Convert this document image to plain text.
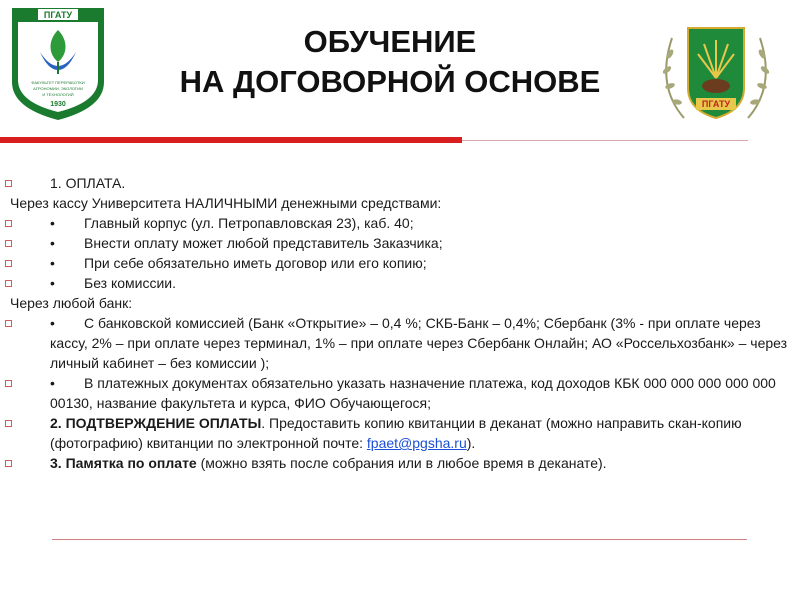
ПГАТУ
ФАКУЛЬТЕТ ПЕРЕРАБОТКИ
АГРОНОМИИ, ЭКОЛОГИИ
И ТЕХНОЛОГИЙ
1930	ПГАТУ
ОБУЧЕНИЕ
НА ДОГОВОРНОЙ ОСНОВЕ
1. ОПЛАТА.
Через кассу Университета НАЛИЧНЫМИ денежными средствами:
• Главный корпус (ул. Петропавловская 23), каб. 40;
• Внести оплату может любой представитель Заказчика;
• При себе обязательно иметь договор или его копию;
• Без комиссии.
Через любой банк:
• С банковской комиссией (Банк «Открытие» – 0,4 %; СКБ-Банк – 0,4%; Сбербанк (3% - при оплате через кассу, 2% – при оплате через терминал, 1% – при оплате через Сбербанк Онлайн; АО «Россельхозбанк» – через личный кабинет – без комиссии );
• В платежных документах обязательно указать назначение платежа, код доходов КБК 000 000 000 000 000 00130, название факультета и курса, ФИО Обучающегося;
2. ПОДТВЕРЖДЕНИЕ ОПЛАТЫ. Предоставить копию квитанции в деканат (можно направить скан-копию (фотографию) квитанции по электронной почте: fpaet@pgsha.ru).
3. Памятка по оплате (можно взять после собрания или в любое время в деканате).
